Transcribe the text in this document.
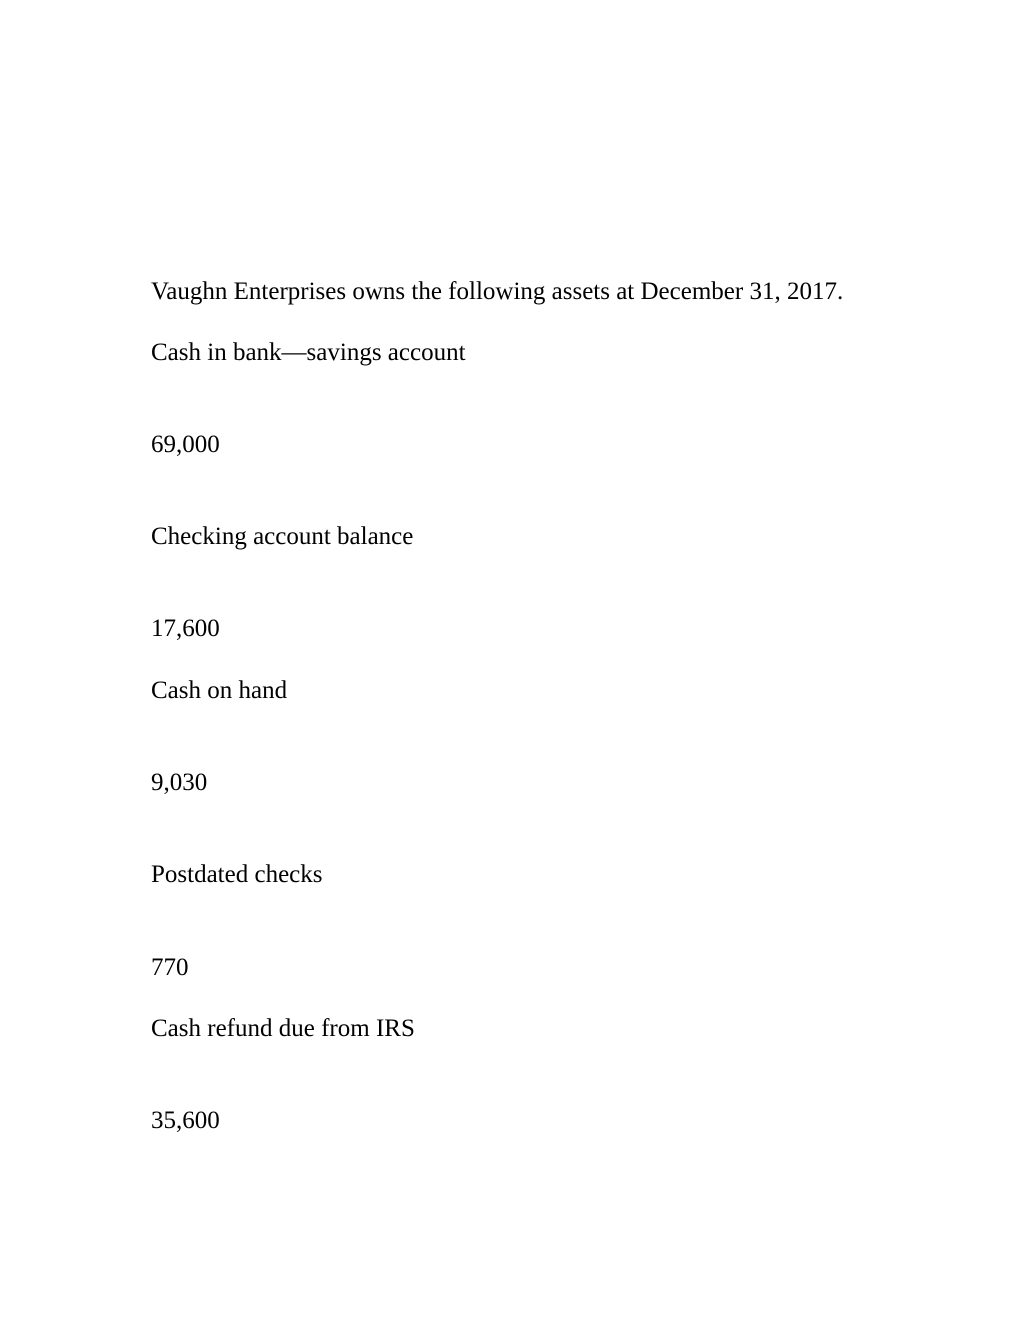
Vaughn Enterprises owns the following assets at December 31, 2017.
Cash in bank—savings account
69,000
Checking account balance
17,600
Cash on hand
9,030
Postdated checks
770
Cash refund due from IRS
35,600
